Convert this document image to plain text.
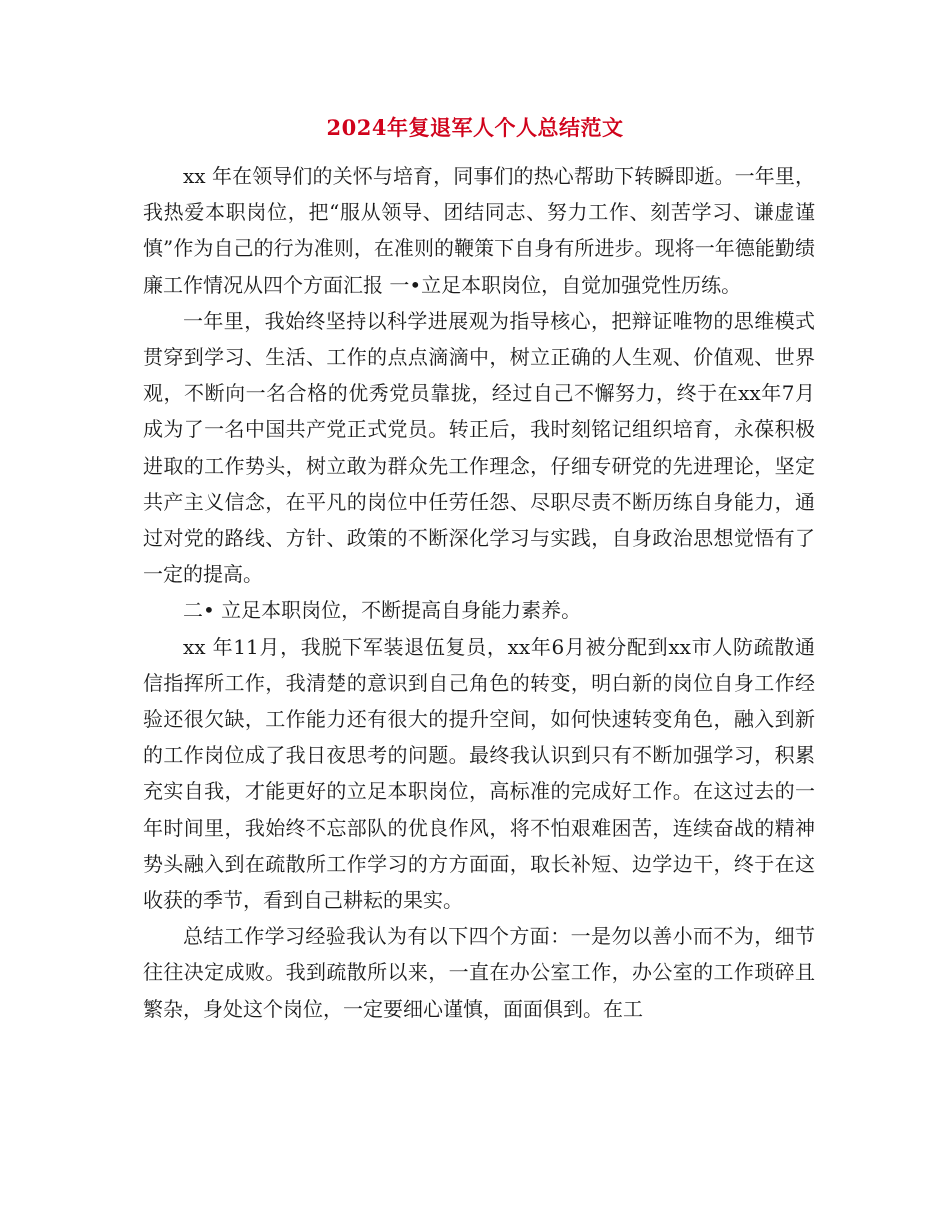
2024年复退军人个人总结范文

xx 年在领导们的关怀与培育，同事们的热心帮助下转瞬即逝。一年里，我热爱本职岗位，把“服从领导、团结同志、努力工作、刻苦学习、谦虚谨慎”作为自己的行为准则，在准则的鞭策下自身有所进步。现将一年德能勤绩廉工作情况从四个方面汇报 一•立足本职岗位，自觉加强党性历练。

一年里，我始终坚持以科学进展观为指导核心，把辩证唯物的思维模式贯穿到学习、生活、工作的点点滴滴中，树立正确的人生观、价值观、世界观，不断向一名合格的优秀党员靠拢，经过自己不懈努力，终于在xx年7月成为了一名中国共产党正式党员。转正后，我时刻铭记组织培育，永葆积极进取的工作势头，树立敢为群众先工作理念，仔细专研党的先进理论，坚定共产主义信念，在平凡的岗位中任劳任怨、尽职尽责不断历练自身能力，通过对党的路线、方针、政策的不断深化学习与实践，自身政治思想觉悟有了一定的提高。

二• 立足本职岗位，不断提高自身能力素养。

xx 年11月，我脱下军装退伍复员，xx年6月被分配到xx市人防疏散通信指挥所工作，我清楚的意识到自己角色的转变，明白新的岗位自身工作经验还很欠缺，工作能力还有很大的提升空间，如何快速转变角色，融入到新的工作岗位成了我日夜思考的问题。最终我认识到只有不断加强学习，积累充实自我，才能更好的立足本职岗位，高标准的完成好工作。在这过去的一年时间里，我始终不忘部队的优良作风，将不怕艰难困苦，连续奋战的精神势头融入到在疏散所工作学习的方方面面，取长补短、边学边干，终于在这收获的季节，看到自己耕耘的果实。

总结工作学习经验我认为有以下四个方面：一是勿以善小而不为，细节往往决定成败。我到疏散所以来，一直在办公室工作，办公室的工作琐碎且繁杂，身处这个岗位，一定要细心谨慎，面面俱到。在工
